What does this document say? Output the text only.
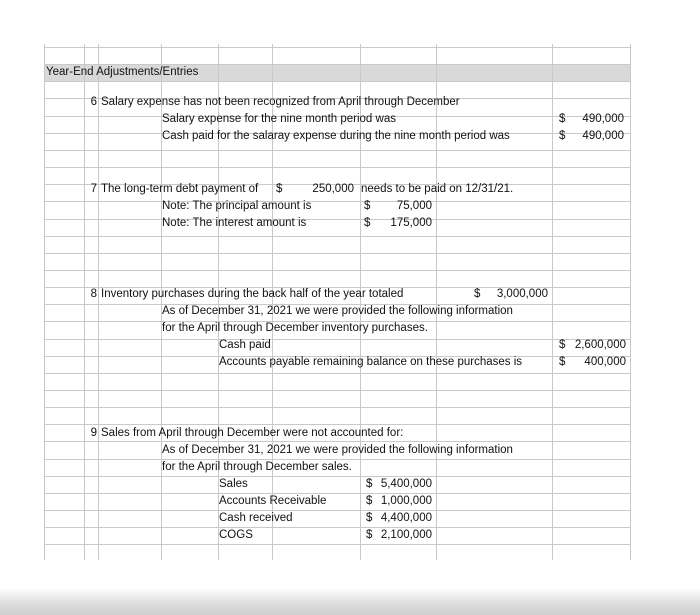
Year-End Adjustments/Entries
6 Salary expense has not been recognized from April through December
Salary expense for the nine month period was	$	490,000
Cash paid for the salaray expense during the nine month period was	$	490,000
7 The long-term debt payment of $	250,000 needs to be paid on 12/31/21.
Note: The principal amount is	$	75,000
Note: The interest amount is	$	175,000
8 Inventory purchases during the back half of the year totaled	$	3,000,000
As of December 31, 2021 we were provided the following information
for the April through December inventory purchases.
Cash paid	$ 2,600,000
Accounts payable remaining balance on these purchases is	$	400,000
9 Sales from April through December were not accounted for:
As of December 31, 2021 we were provided the following information
for the April through December sales.
Sales	$ 5,400,000
Accounts Receivable	$ 1,000,000
Cash received	$ 4,400,000
COGS	$ 2,100,000
